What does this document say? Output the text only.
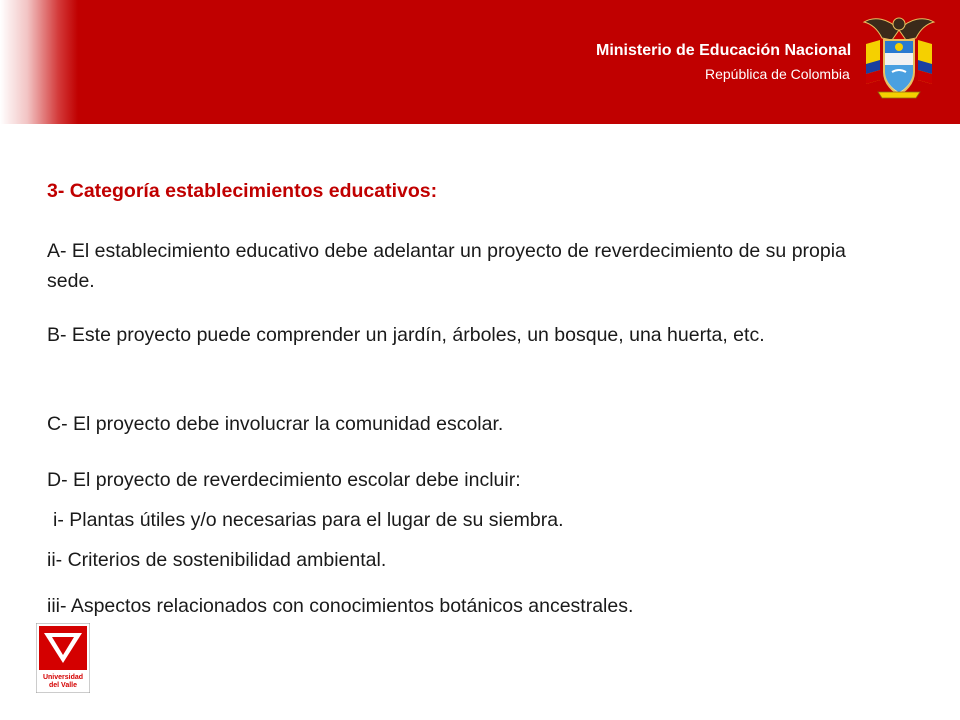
Ministerio de Educación Nacional
República de Colombia
3- Categoría establecimientos educativos:
A- El establecimiento educativo debe adelantar un proyecto de reverdecimiento de su propia sede.
B- Este proyecto puede comprender un jardín, árboles, un bosque, una huerta, etc.
C- El proyecto debe involucrar la comunidad escolar.
D- El proyecto de reverdecimiento escolar debe incluir:
i- Plantas útiles y/o necesarias para el lugar de su siembra.
ii- Criterios de sostenibilidad ambiental.
iii- Aspectos relacionados con conocimientos botánicos ancestrales.
Universidad
del Valle
